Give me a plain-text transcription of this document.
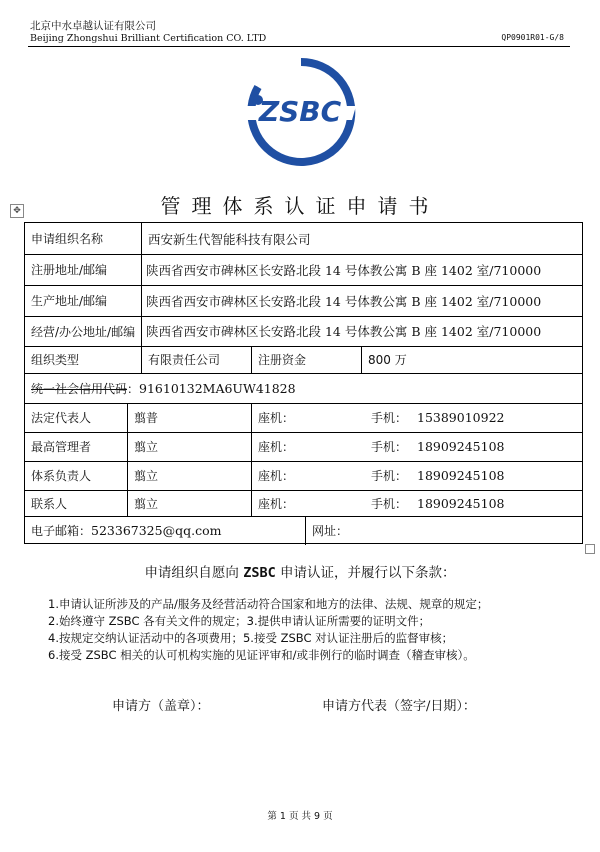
北京中水卓越认证有限公司
Beijing Zhongshui Brilliant Certification CO. LTD	QP0901R01-G/8
ZSBC
管理体系认证申请书
✥
申请组织名称	西安新生代智能科技有限公司
注册地址/邮编	陕西省西安市碑林区长安路北段 14 号体教公寓 B 座 1402 室/710000
生产地址/邮编	陕西省西安市碑林区长安路北段 14 号体教公寓 B 座 1402 室/710000
经营/办公地址/邮编 陕西省西安市碑林区长安路北段 14 号体教公寓 B 座 1402 室/710000
组织类型	有限责任公司	注册资金	800 万
统一社会信用代码 ： 91610132MA6UW41828
法定代表人	翦普	座机：	手机： 15389010922
最高管理者	翦立	座机：	手机： 18909245108
体系负责人	翦立	座机：	手机： 18909245108
联系人	翦立	座机：	手机： 18909245108
电子邮箱： 523367325@qq.com	网址：
申请组织自愿向 ZSBC 申请认证，并履行以下条款：
1.申请认证所涉及的产品/服务及经营活动符合国家和地方的法律、法规、规章的规定；
2.始终遵守 ZSBC 各有关文件的规定；3.提供申请认证所需要的证明文件；
4.按规定交纳认证活动中的各项费用；5.接受 ZSBC 对认证注册后的监督审核；
6.接受 ZSBC 相关的认可机构实施的见证评审和/或非例行的临时调查（稽查审核）。
申请方（盖章）：	申请方代表（签字/日期）：
第 1 页 共 9 页
